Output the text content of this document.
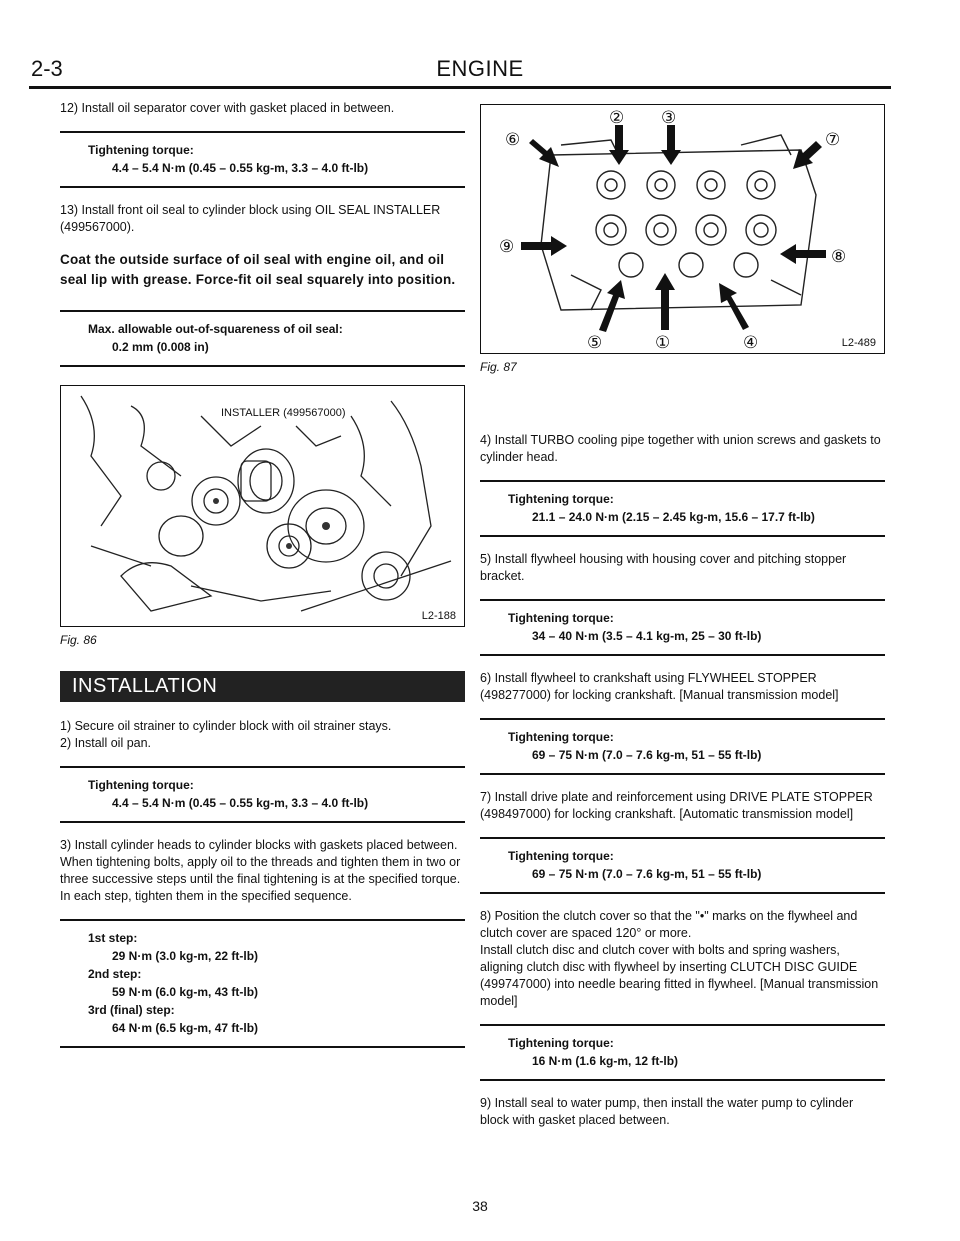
2-3	ENGINE

12) Install oil separator cover with gasket placed in between.

Tightening torque:
4.4 – 5.4 N·m (0.45 – 0.55 kg-m, 3.3 – 4.0 ft-lb)

13) Install front oil seal to cylinder block using OIL SEAL INSTALLER (499567000).

Coat the outside surface of oil seal with engine oil, and oil seal lip with grease. Force-fit oil seal squarely into position.

Max. allowable out-of-squareness of oil seal:
0.2 mm (0.008 in)
INSTALLER (499567000)
L2-188
Fig. 86
INSTALLATION

1) Secure oil strainer to cylinder block with oil strainer stays.

2) Install oil pan.

Tightening torque:
4.4 – 5.4 N·m (0.45 – 0.55 kg-m, 3.3 – 4.0 ft-lb)

3) Install cylinder heads to cylinder blocks with gaskets placed between.

When tightening bolts, apply oil to the threads and tighten them in two or three successive steps until the final tightening is at the specified torque.

In each step, tighten them in the specified sequence.

1st step:
29 N·m (3.0 kg-m, 22 ft-lb)
2nd step:
59 N·m (6.0 kg-m, 43 ft-lb)
3rd (final) step:
64 N·m (6.5 kg-m, 47 ft-lb)
② ③
⑥	⑦
⑨	⑧
⑤	①	④	L2-489
Fig. 87

4) Install TURBO cooling pipe together with union screws and gaskets to cylinder head.

Tightening torque:
21.1 – 24.0 N·m (2.15 – 2.45 kg-m, 15.6 – 17.7 ft-lb)

5) Install flywheel housing with housing cover and pitching stopper bracket.

Tightening torque:
34 – 40 N·m (3.5 – 4.1 kg-m, 25 – 30 ft-lb)

6) Install flywheel to crankshaft using FLYWHEEL STOPPER (498277000) for locking crankshaft. [Manual transmission model]

Tightening torque:
69 – 75 N·m (7.0 – 7.6 kg-m, 51 – 55 ft-lb)

7) Install drive plate and reinforcement using DRIVE PLATE STOPPER (498497000) for locking crankshaft. [Automatic transmission model]

Tightening torque:
69 – 75 N·m (7.0 – 7.6 kg-m, 51 – 55 ft-lb)

8) Position the clutch cover so that the "•" marks on the flywheel and clutch cover are spaced 120° or more.

Install clutch disc and clutch cover with bolts and spring washers, aligning clutch disc with flywheel by inserting CLUTCH DISC GUIDE (499747000) into needle bearing fitted in flywheel. [Manual transmission model]

Tightening torque:
16 N·m (1.6 kg-m, 12 ft-lb)

9) Install seal to water pump, then install the water pump to cylinder block with gasket placed between.

38
